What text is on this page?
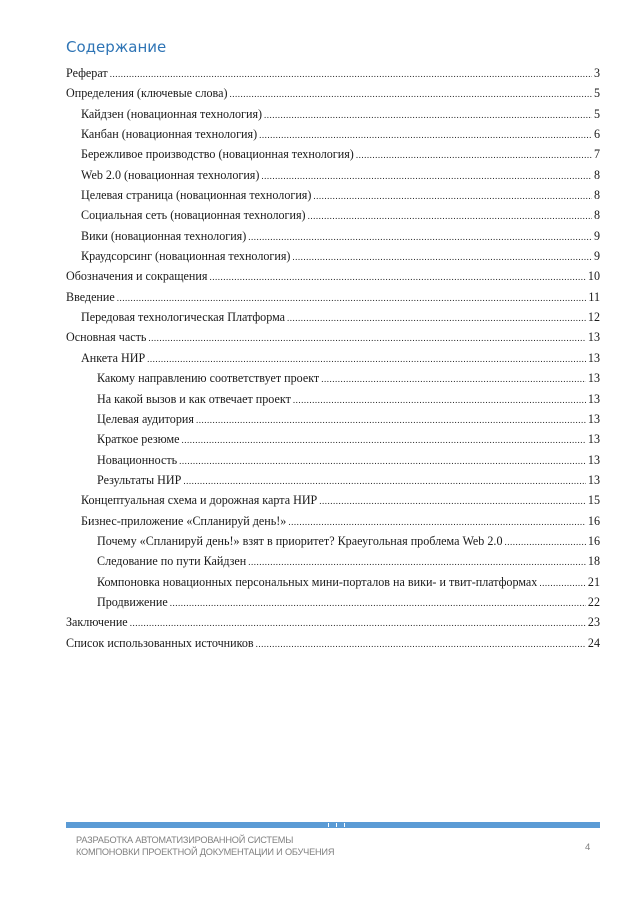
Содержание
Реферат .....	3
Определения (ключевые слова) .....	5
Кайдзен (новационная технология) .....	5
Канбан (новационная технология) .....	6
Бережливое производство (новационная технология) .....	7
Web 2.0 (новационная технология) .....	8
Целевая страница (новационная технология) .....	8
Социальная сеть (новационная технология) .....	8
Вики (новационная технология) .....	9
Краудсорсинг (новационная технология) .....	9
Обозначения и сокращения .....	10
Введение .....	11
Передовая технологическая Платформа .....	12
Основная часть .....	13
Анкета НИР .....	13
Какому направлению соответствует проект .....	13
На какой вызов и как отвечает проект .....	13
Целевая аудитория .....	13
Краткое резюме .....	13
Новационность .....	13
Результаты НИР .....	13
Концептуальная схема и дорожная карта НИР .....	15
Бизнес-приложение «Спланируй день!» .....	16
Почему «Спланируй день!» взят в приоритет? Краеугольная проблема Web 2.0 .....	16
Следование по пути Кайдзен .....	18
Компоновка новационных персональных мини-порталов на вики- и твит-платформах .....	21
Продвижение .....	22
Заключение .....	23
Список использованных источников .....	24
РАЗРАБОТКА АВТОМАТИЗИРОВАННОЙ СИСТЕМЫ
КОМПОНОВКИ ПРОЕКТНОЙ ДОКУМЕНТАЦИИ И ОБУЧЕНИЯ	4
